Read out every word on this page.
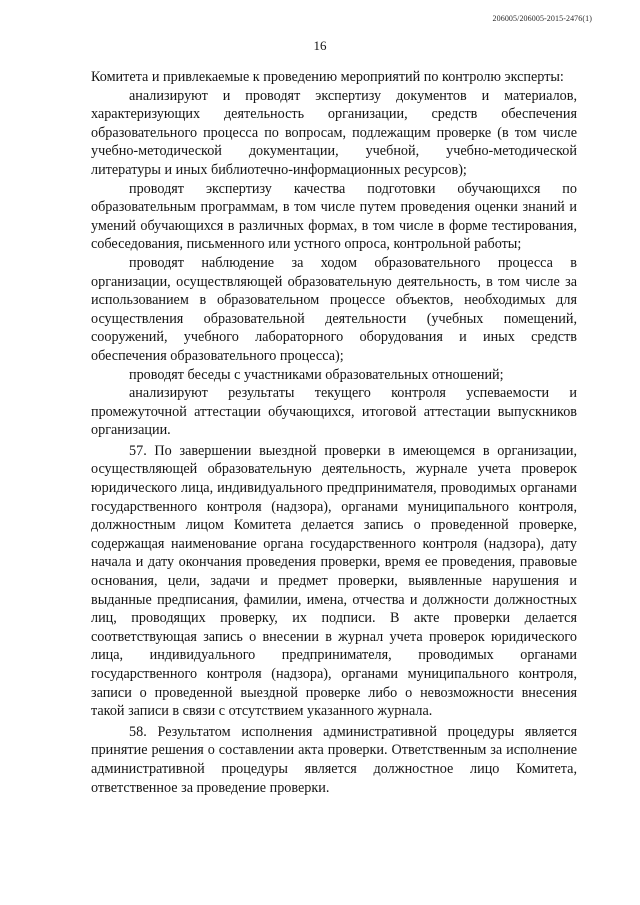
206005/206005-2015-2476(1)
16

Комитета и привлекаемые к проведению мероприятий по контролю эксперты:

анализируют и проводят экспертизу документов и материалов, характеризующих деятельность организации, средств обеспечения образовательного процесса по вопросам, подлежащим проверке (в том числе учебно-методической документации, учебной, учебно-методической литературы и иных библиотечно-информационных ресурсов);

проводят экспертизу качества подготовки обучающихся по образовательным программам, в том числе путем проведения оценки знаний и умений обучающихся в различных формах, в том числе в форме тестирования, собеседования, письменного или устного опроса, контрольной работы;

проводят наблюдение за ходом образовательного процесса в организации, осуществляющей образовательную деятельность, в том числе за использованием в образовательном процессе объектов, необходимых для осуществления образовательной деятельности (учебных помещений, сооружений, учебного лабораторного оборудования и иных средств обеспечения образовательного процесса);

проводят беседы с участниками образовательных отношений;

анализируют результаты текущего контроля успеваемости и промежуточной аттестации обучающихся, итоговой аттестации выпускников организации.

57. По завершении выездной проверки в имеющемся в организации, осуществляющей образовательную деятельность, журнале учета проверок юридического лица, индивидуального предпринимателя, проводимых органами государственного контроля (надзора), органами муниципального контроля, должностным лицом Комитета делается запись о проведенной проверке, содержащая наименование органа государственного контроля (надзора), дату начала и дату окончания проведения проверки, время ее проведения, правовые основания, цели, задачи и предмет проверки, выявленные нарушения и выданные предписания, фамилии, имена, отчества и должности должностных лиц, проводящих проверку, их подписи. В акте проверки делается соответствующая запись о внесении в журнал учета проверок юридического лица, индивидуального предпринимателя, проводимых органами государственного контроля (надзора), органами муниципального контроля, записи о проведенной выездной проверке либо о невозможности внесения такой записи в связи с отсутствием указанного журнала.

58. Результатом исполнения административной процедуры является принятие решения о составлении акта проверки. Ответственным за исполнение административной процедуры является должностное лицо Комитета, ответственное за проведение проверки.
